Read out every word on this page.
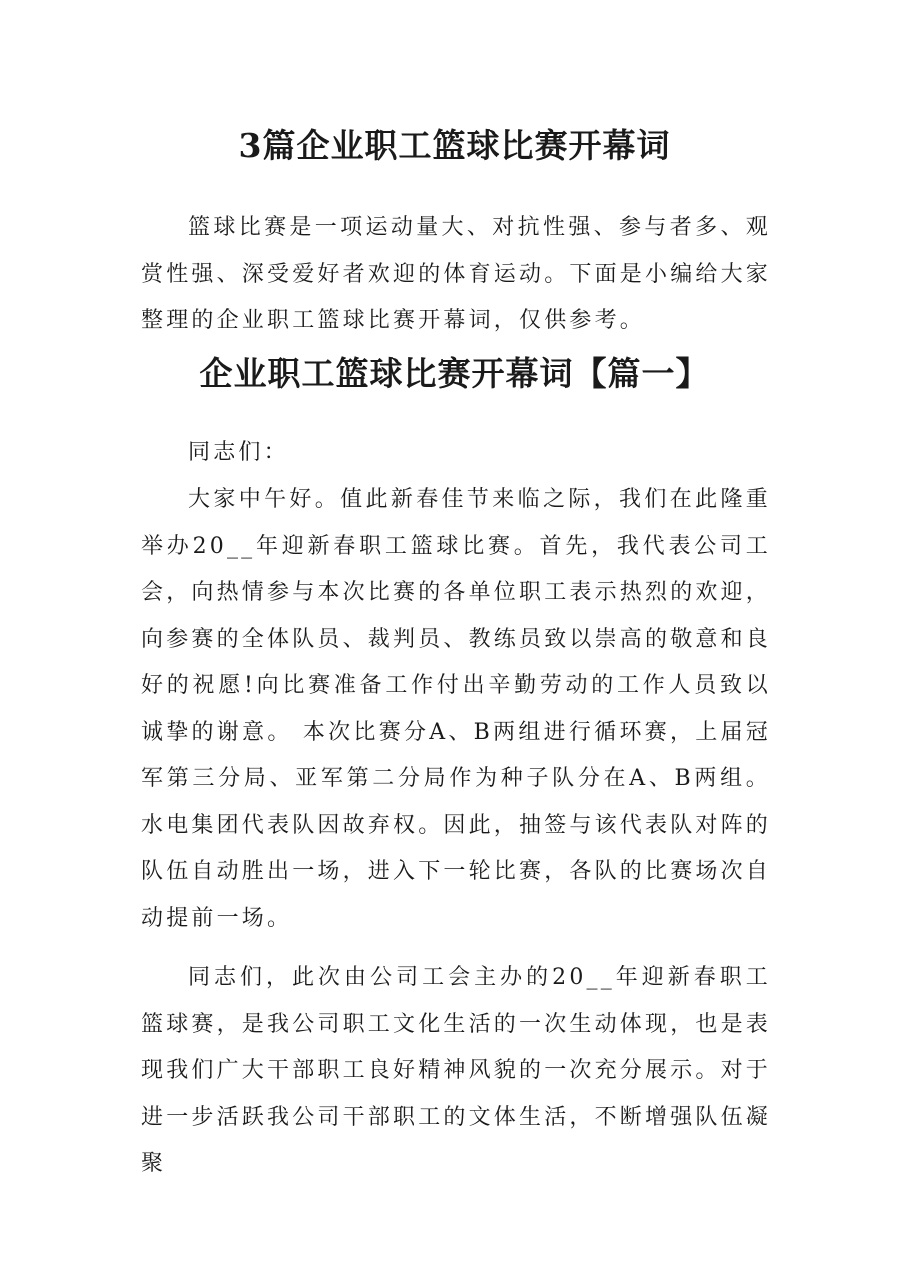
3篇企业职工篮球比赛开幕词

篮球比赛是一项运动量大、对抗性强、参与者多、观赏性强、深受爱好者欢迎的体育运动。下面是小编给大家整理的企业职工篮球比赛开幕词，仅供参考。

企业职工篮球比赛开幕词【篇一】

同志们：

大家中午好。值此新春佳节来临之际，我们在此隆重举办20__年迎新春职工篮球比赛。首先，我代表公司工会，向热情参与本次比赛的各单位职工表示热烈的欢迎，向参赛的全体队员、裁判员、教练员致以崇高的敬意和良好的祝愿!向比赛准备工作付出辛勤劳动的工作人员致以诚挚的谢意。 本次比赛分A、B两组进行循环赛，上届冠军第三分局、亚军第二分局作为种子队分在A、B两组。水电集团代表队因故弃权。因此，抽签与该代表队对阵的队伍自动胜出一场，进入下一轮比赛，各队的比赛场次自动提前一场。

同志们，此次由公司工会主办的20__年迎新春职工篮球赛，是我公司职工文化生活的一次生动体现，也是表现我们广大干部职工良好精神风貌的一次充分展示。对于进一步活跃我公司干部职工的文体生活，不断增强队伍凝聚
